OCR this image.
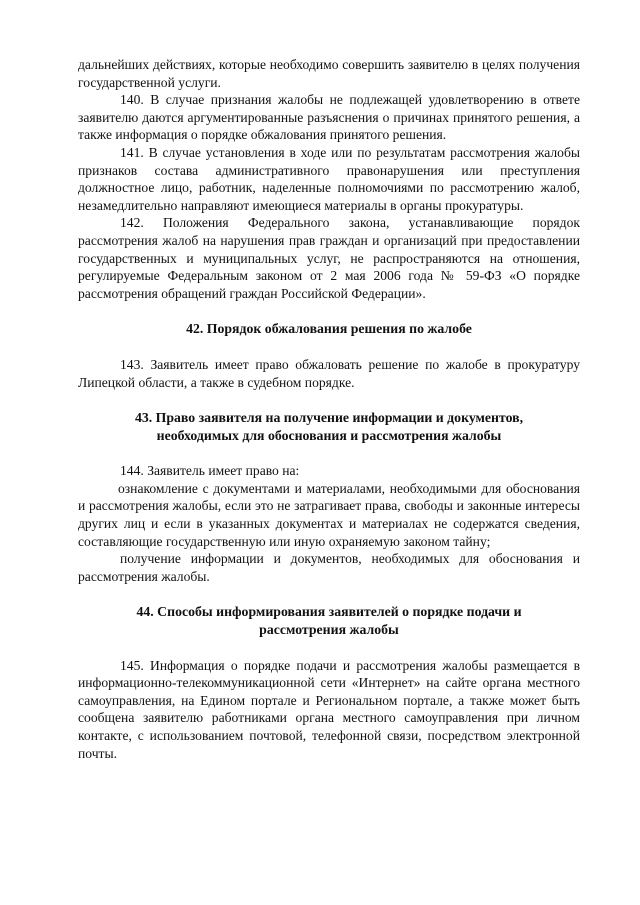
дальнейших действиях, которые необходимо совершить заявителю в целях получения государственной услуги.

140. В случае признания жалобы не подлежащей удовлетворению в ответе заявителю даются аргументированные разъяснения о причинах принятого решения, а также информация о порядке обжалования принятого решения.

141. В случае установления в ходе или по результатам рассмотрения жалобы признаков состава административного правонарушения или преступления должностное лицо, работник, наделенные полномочиями по рассмотрению жалоб, незамедлительно направляют имеющиеся материалы в органы прокуратуры.

142. Положения Федерального закона, устанавливающие порядок рассмотрения жалоб на нарушения прав граждан и организаций при предоставлении государственных и муниципальных услуг, не распространяются на отношения, регулируемые Федеральным законом от 2 мая 2006 года № 59-ФЗ «О порядке рассмотрения обращений граждан Российской Федерации».

42. Порядок обжалования решения по жалобе

143. Заявитель имеет право обжаловать решение по жалобе в прокуратуру Липецкой области, а также в судебном порядке.

43. Право заявителя на получение информации и документов,
необходимых для обоснования и рассмотрения жалобы

144. Заявитель имеет право на:

ознакомление с документами и материалами, необходимыми для обоснования и рассмотрения жалобы, если это не затрагивает права, свободы и законные интересы других лиц и если в указанных документах и материалах не содержатся сведения, составляющие государственную или иную охраняемую законом тайну;

получение информации и документов, необходимых для обоснования и рассмотрения жалобы.

44. Способы информирования заявителей о порядке подачи и
рассмотрения жалобы

145. Информация о порядке подачи и рассмотрения жалобы размещается в информационно-телекоммуникационной сети «Интернет» на сайте органа местного самоуправления, на Едином портале и Региональном портале, а также может быть сообщена заявителю работниками органа местного самоуправления при личном контакте, с использованием почтовой, телефонной связи, посредством электронной почты.
